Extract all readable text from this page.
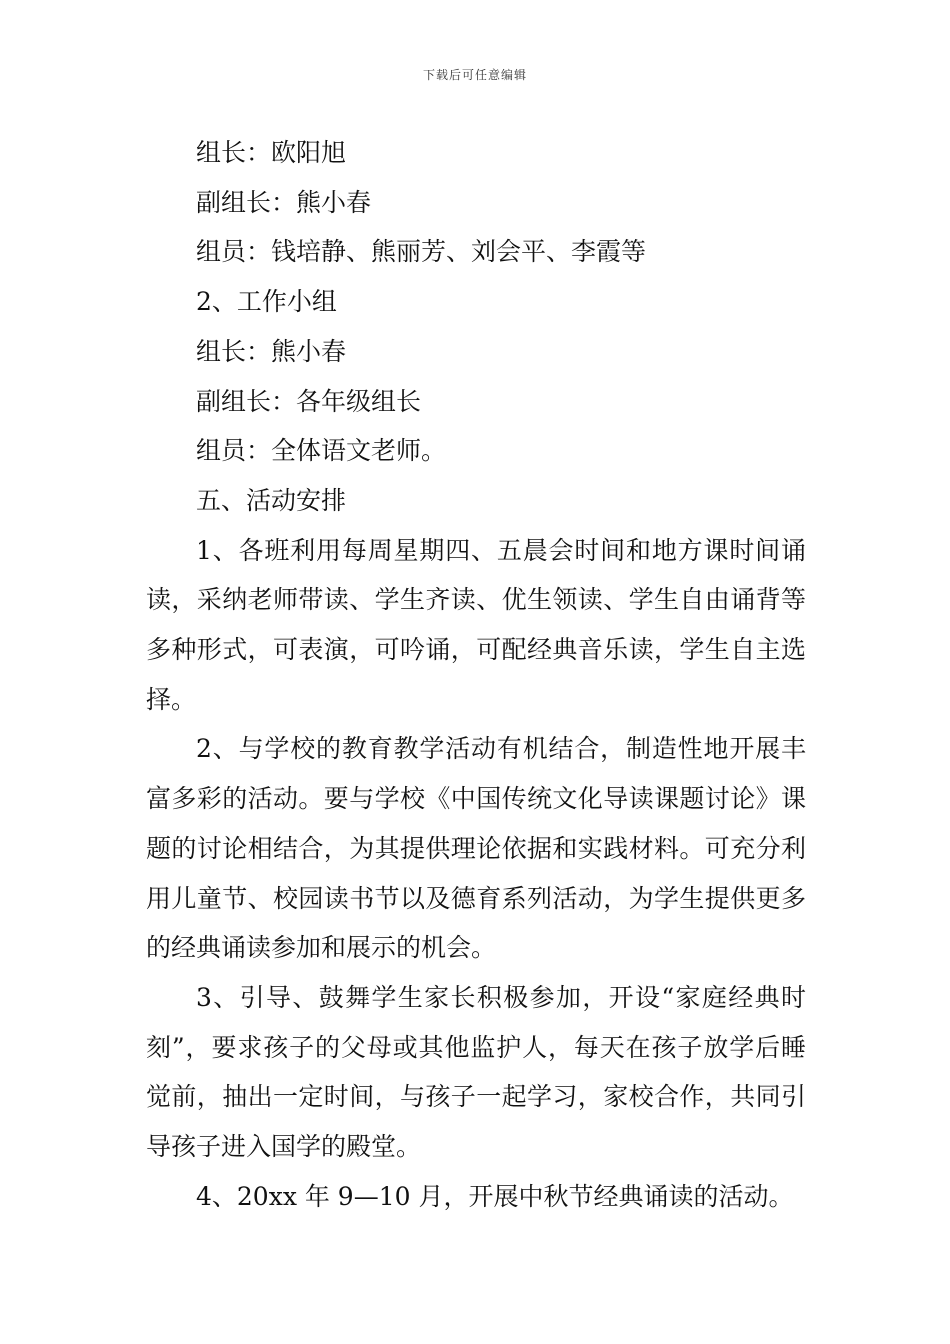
下载后可任意编辑

组长：欧阳旭

副组长：熊小春

组员：钱培静、熊丽芳、刘会平、李霞等

2、工作小组

组长：熊小春

副组长：各年级组长

组员：全体语文老师。

五、活动安排

1、各班利用每周星期四、五晨会时间和地方课时间诵读，采纳老师带读、学生齐读、优生领读、学生自由诵背等多种形式，可表演，可吟诵，可配经典音乐读，学生自主选择。

2、与学校的教育教学活动有机结合，制造性地开展丰富多彩的活动。要与学校《中国传统文化导读课题讨论》课题的讨论相结合，为其提供理论依据和实践材料。可充分利用儿童节、校园读书节以及德育系列活动，为学生提供更多的经典诵读参加和展示的机会。

3、引导、鼓舞学生家长积极参加，开设“家庭经典时刻”，要求孩子的父母或其他监护人，每天在孩子放学后睡觉前，抽出一定时间，与孩子一起学习，家校合作，共同引导孩子进入国学的殿堂。

4、20xx 年 9—10 月，开展中秋节经典诵读的活动。
